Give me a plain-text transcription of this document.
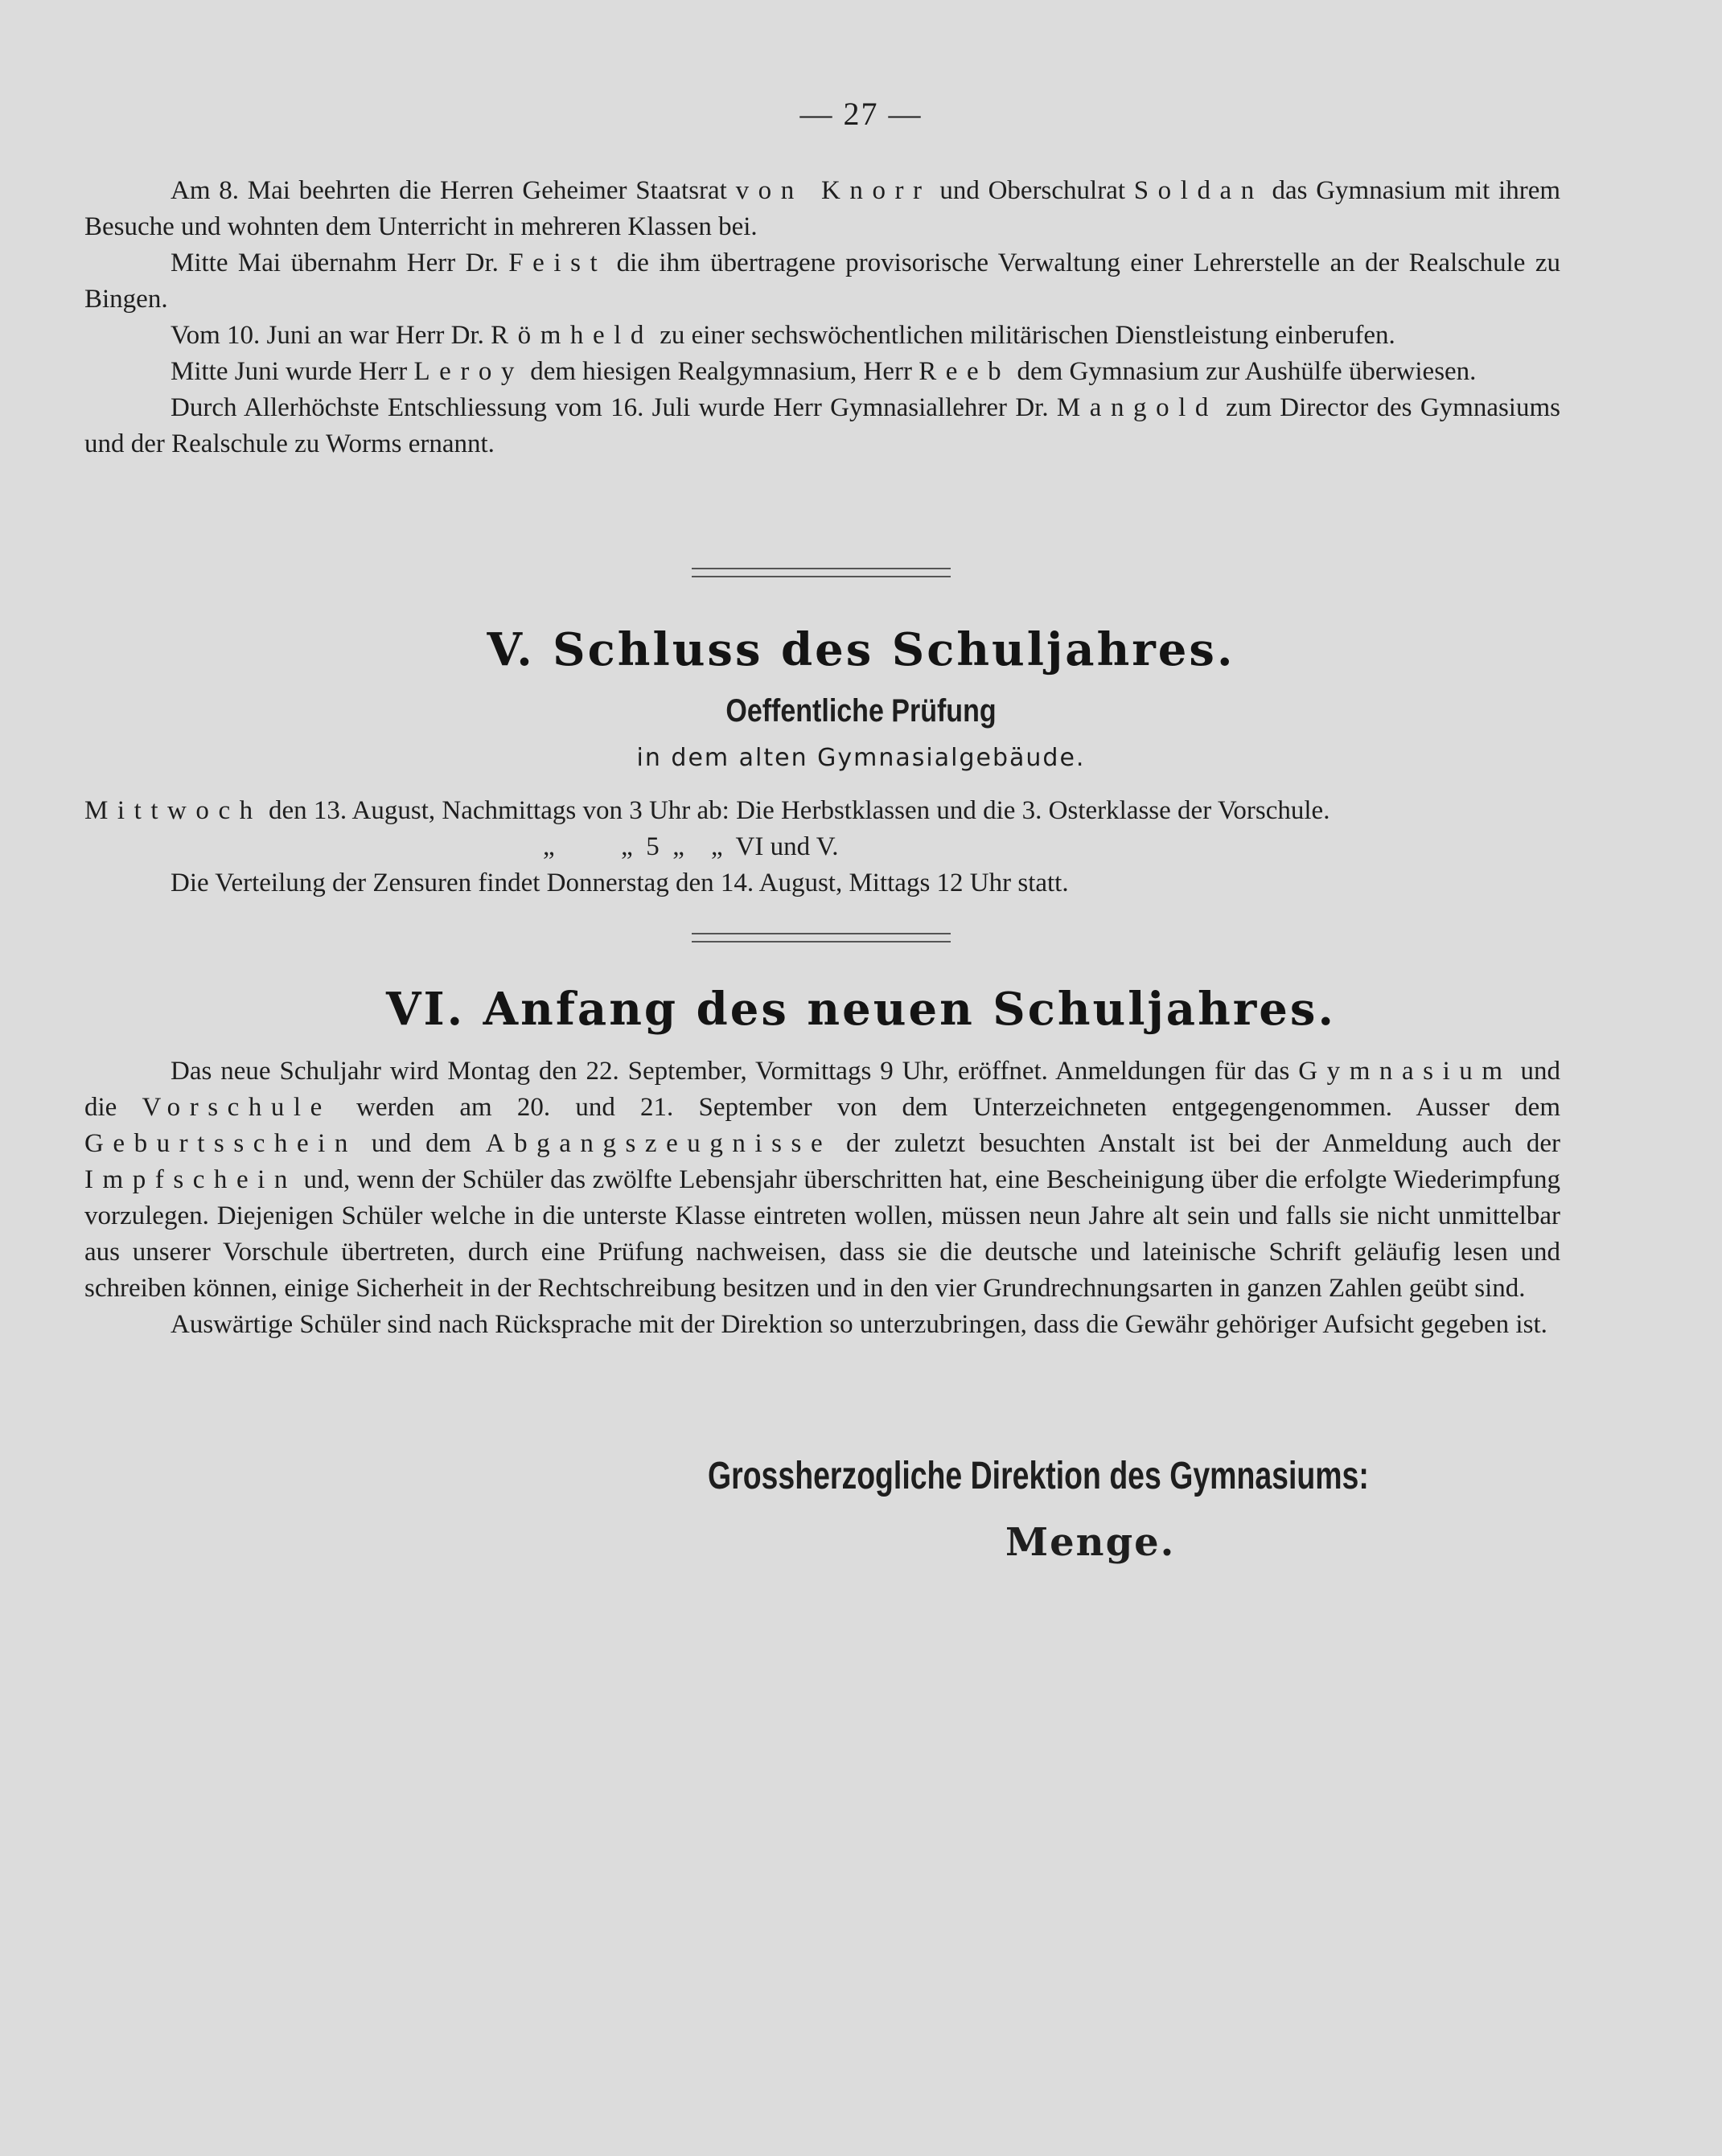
— 27 —

Am 8. Mai beehrten die Herren Geheimer Staatsrat von Knorr und Oberschulrat Soldan das Gymnasium mit ihrem Besuche und wohnten dem Unterricht in mehreren Klassen bei.

Mitte Mai übernahm Herr Dr. Feist die ihm übertragene provisorische Verwaltung einer Lehrerstelle an der Realschule zu Bingen.

Vom 10. Juni an war Herr Dr. Römheld zu einer sechswöchentlichen militärischen Dienstleistung einberufen.

Mitte Juni wurde Herr Leroy dem hiesigen Realgymnasium, Herr Reeb dem Gymnasium zur Aushülfe überwiesen.

Durch Allerhöchste Entschliessung vom 16. Juli wurde Herr Gymnasiallehrer Dr. Mangold zum Director des Gymnasiums und der Realschule zu Worms ernannt.

V. Schluss des Schuljahres.
Oeffentliche Prüfung
in dem alten Gymnasialgebäude.
Mittwoch den 13. August, Nachmittags von 3 Uhr ab: Die Herbstklassen und die 3. Osterklasse der Vorschule.
„          „  5  „    „  VI und V.
Die Verteilung der Zensuren findet Donnerstag den 14. August, Mittags 12 Uhr statt.
VI. Anfang des neuen Schuljahres.

Das neue Schuljahr wird Montag den 22. September, Vormittags 9 Uhr, eröffnet. Anmeldungen für das Gymnasium und die Vorschule werden am 20. und 21. September von dem Unterzeichneten entgegengenommen. Ausser dem Geburtsschein und dem Abgangszeugnisse der zuletzt besuchten Anstalt ist bei der Anmeldung auch der Impfschein und, wenn der Schüler das zwölfte Lebensjahr überschritten hat, eine Bescheinigung über die erfolgte Wiederimpfung vorzulegen. Diejenigen Schüler welche in die unterste Klasse eintreten wollen, müssen neun Jahre alt sein und falls sie nicht unmittelbar aus unserer Vorschule übertreten, durch eine Prüfung nachweisen, dass sie die deutsche und lateinische Schrift geläufig lesen und schreiben können, einige Sicherheit in der Rechtschreibung besitzen und in den vier Grundrechnungsarten in ganzen Zahlen geübt sind.

Auswärtige Schüler sind nach Rücksprache mit der Direktion so unterzubringen, dass die Gewähr gehöriger Aufsicht gegeben ist.

Grossherzogliche Direktion des Gymnasiums:
Menge.
